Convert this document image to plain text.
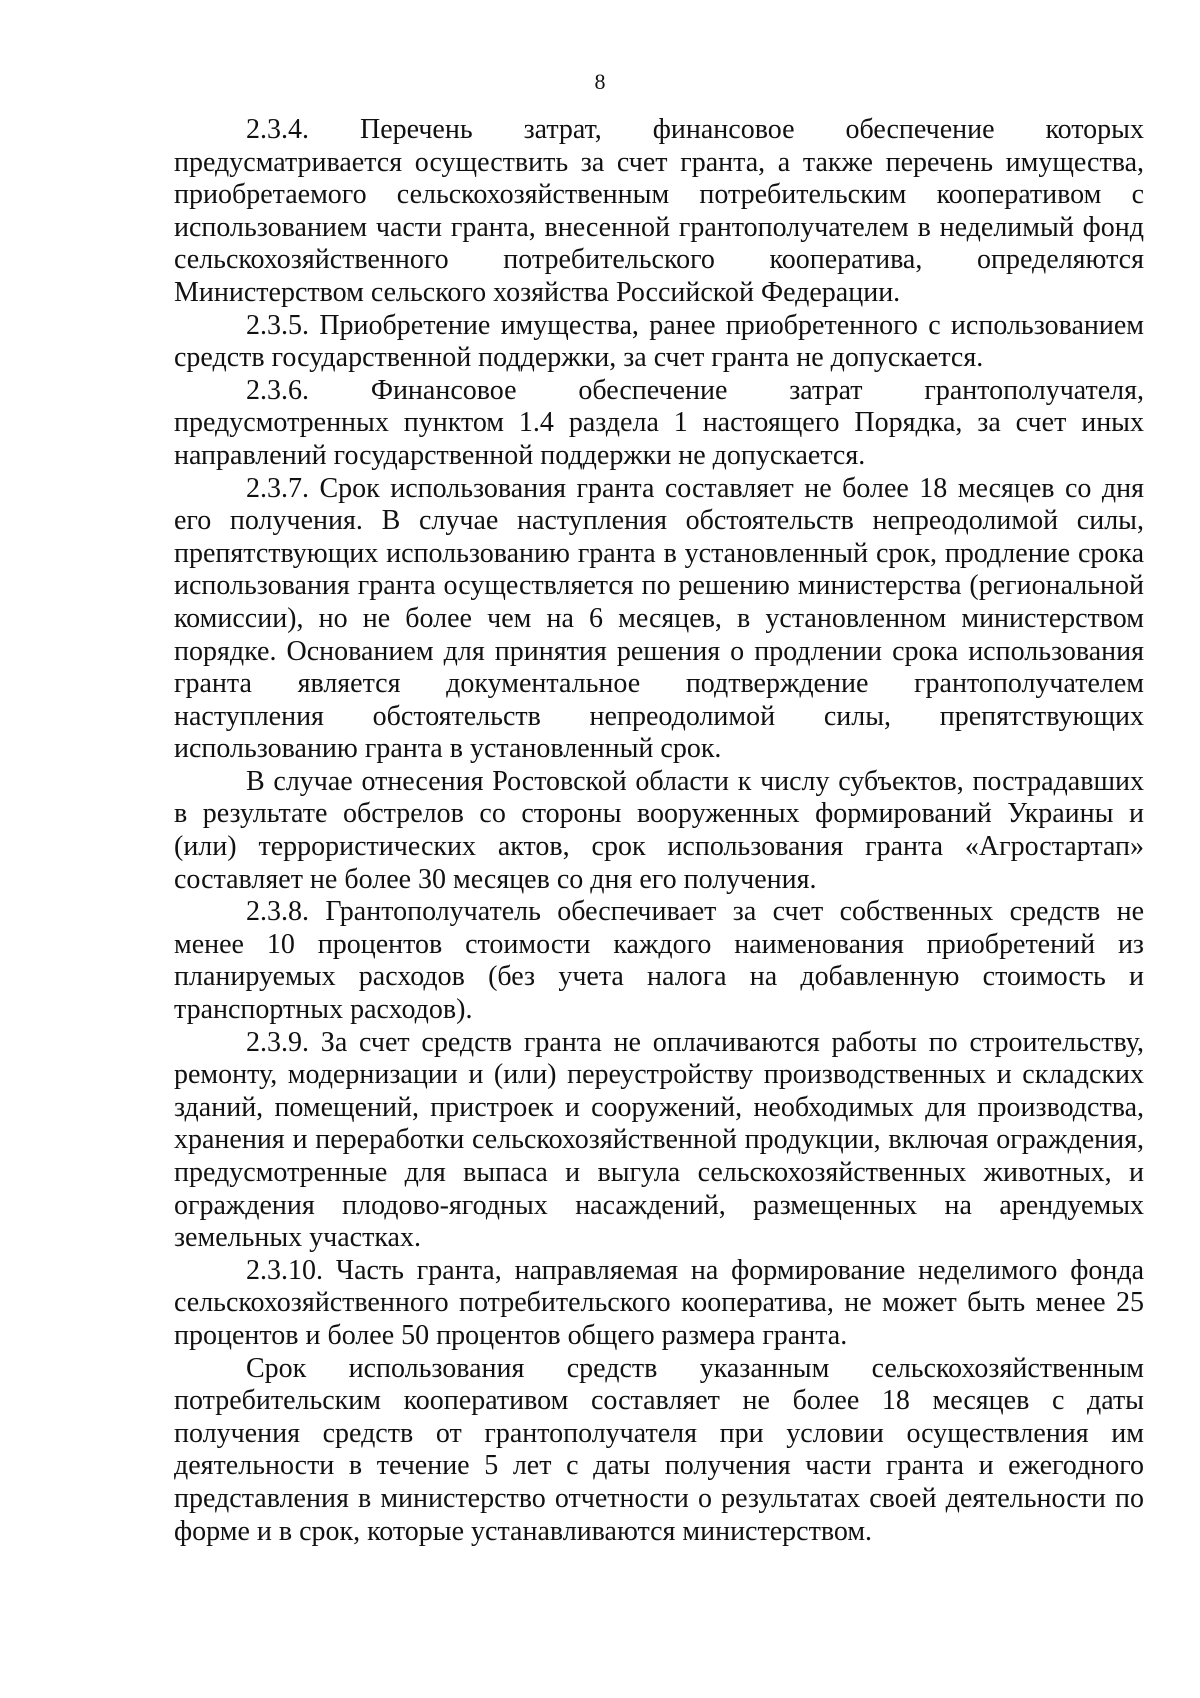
8

2.3.4. Перечень затрат, финансовое обеспечение которых предусматривается осуществить за счет гранта, а также перечень имущества, приобретаемого сельскохозяйственным потребительским кооперативом с использованием части гранта, внесенной грантополучателем в неделимый фонд сельскохозяйственного потребительского кооператива, определяются Министерством сельского хозяйства Российской Федерации.

2.3.5. Приобретение имущества, ранее приобретенного с использованием средств государственной поддержки, за счет гранта не допускается.

2.3.6. Финансовое обеспечение затрат грантополучателя, предусмотренных пунктом 1.4 раздела 1 настоящего Порядка, за счет иных направлений государственной поддержки не допускается.

2.3.7. Срок использования гранта составляет не более 18 месяцев со дня его получения. В случае наступления обстоятельств непреодолимой силы, препятствующих использованию гранта в установленный срок, продление срока использования гранта осуществляется по решению министерства (региональной комиссии), но не более чем на 6 месяцев, в установленном министерством порядке. Основанием для принятия решения о продлении срока использования гранта является документальное подтверждение грантополучателем наступления обстоятельств непреодолимой силы, препятствующих использованию гранта в установленный срок.

В случае отнесения Ростовской области к числу субъектов, пострадавших в результате обстрелов со стороны вооруженных формирований Украины и (или) террористических актов, срок использования гранта «Агростартап» составляет не более 30 месяцев со дня его получения.

2.3.8. Грантополучатель обеспечивает за счет собственных средств не менее 10 процентов стоимости каждого наименования приобретений из планируемых расходов (без учета налога на добавленную стоимость и транспортных расходов).

2.3.9. За счет средств гранта не оплачиваются работы по строительству, ремонту, модернизации и (или) переустройству производственных и складских зданий, помещений, пристроек и сооружений, необходимых для производства, хранения и переработки сельскохозяйственной продукции, включая ограждения, предусмотренные для выпаса и выгула сельскохозяйственных животных, и ограждения плодово-ягодных насаждений, размещенных на арендуемых земельных участках.

2.3.10. Часть гранта, направляемая на формирование неделимого фонда сельскохозяйственного потребительского кооператива, не может быть менее 25 процентов и более 50 процентов общего размера гранта.

Срок использования средств указанным сельскохозяйственным потребительским кооперативом составляет не более 18 месяцев с даты получения средств от грантополучателя при условии осуществления им деятельности в течение 5 лет с даты получения части гранта и ежегодного представления в министерство отчетности о результатах своей деятельности по форме и в срок, которые устанавливаются министерством.
